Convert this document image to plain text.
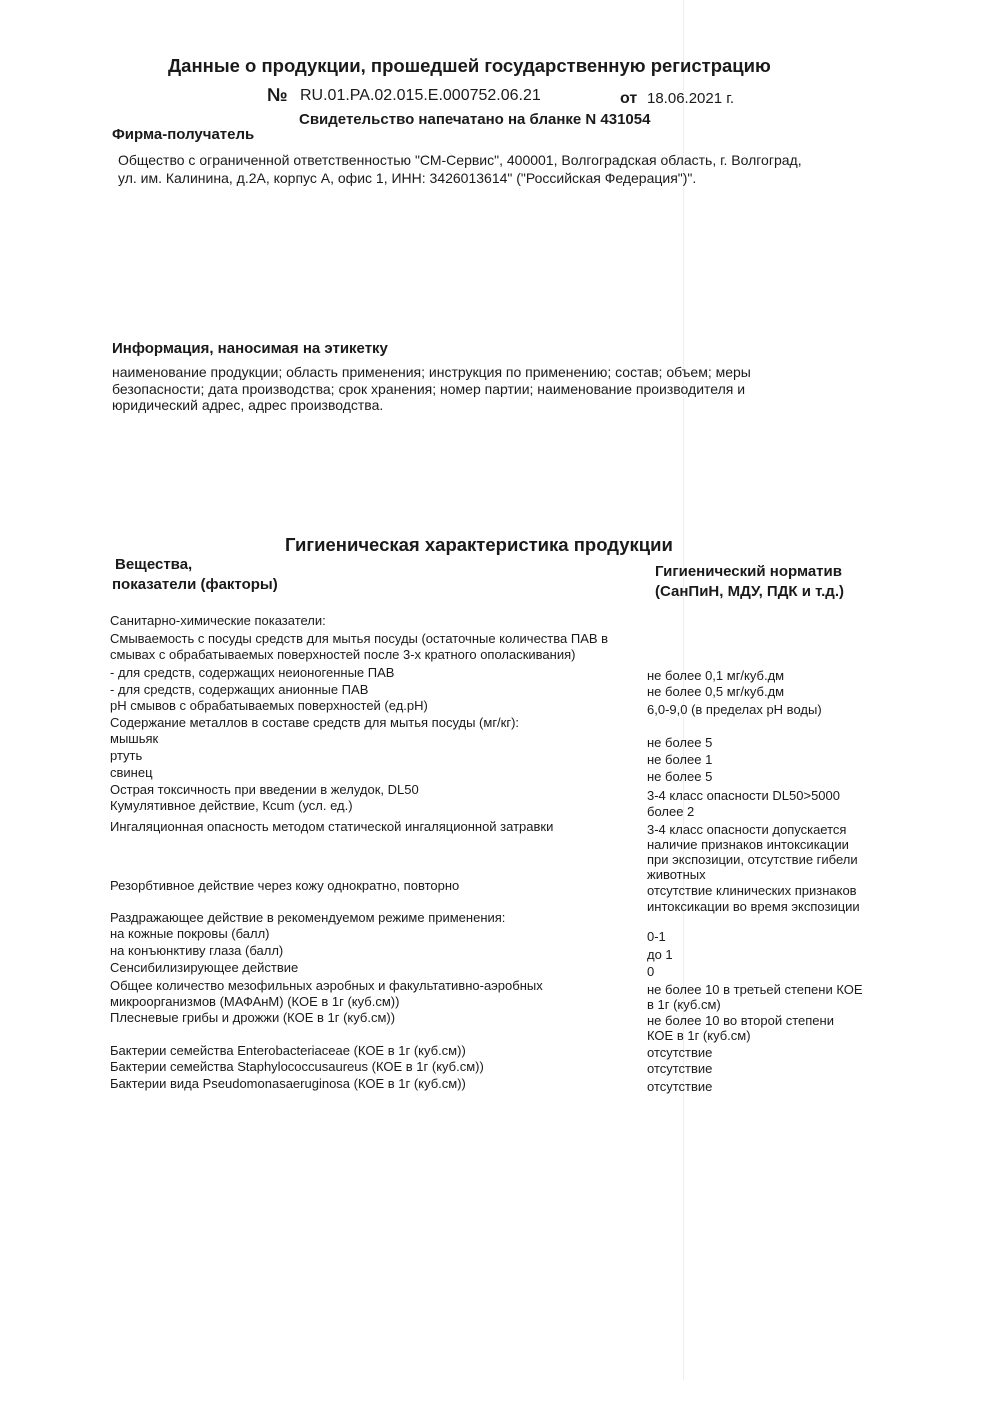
Данные о продукции, прошедшей государственную регистрацию
№ RU.01.PA.02.015.E.000752.06.21	от 18.06.2021 г.
Свидетельство напечатано на бланке N 431054
Фирма-получатель
Общество с ограниченной ответственностью "СМ-Сервис", 400001, Волгоградская область, г. Волгоград,
ул. им. Калинина, д.2А, корпус А, офис 1, ИНН: 3426013614" ("Российская Федерация")".
Информация, наносимая на этикетку
наименование продукции; область применения; инструкция по применению; состав; объем; меры
безопасности; дата производства; срок хранения; номер партии; наименование производителя и
юридический адрес, адрес производства.
Гигиеническая характеристика продукции
Вещества,
показатели (факторы)
Гигиенический норматив
(СанПиН, МДУ, ПДК и т.д.)
Санитарно-химические показатели:
Смываемость с посуды средств для мытья посуды (остаточные количества ПАВ в
смывах с обрабатываемых поверхностей после 3-х кратного ополаскивания)
- для средств, содержащих неионогенные ПАВ
- для средств, содержащих анионные ПАВ
pH смывов с обрабатываемых поверхностей (ед.pH)
Содержание металлов в составе средств для мытья посуды (мг/кг):
мышьяк
ртуть
свинец
Острая токсичность при введении в желудок, DL50
Кумулятивное действие, Кcum (усл. ед.)
Ингаляционная опасность методом статической ингаляционной затравки
Резорбтивное действие через кожу однократно, повторно
Раздражающее действие в рекомендуемом режиме применения:
на кожные покровы (балл)
на конъюнктиву глаза (балл)
Сенсибилизирующее действие
Общее количество мезофильных аэробных и факультативно-аэробных
микроорганизмов (МАФАнМ) (КОЕ в 1г (куб.см))
Плесневые грибы и дрожжи (КОЕ в 1г (куб.см))
Бактерии семейства Enterobacteriaceae (КОЕ в 1г (куб.см))
Бактерии семейства Staphylococcusaureus (КОЕ в 1г (куб.см))
Бактерии вида Pseudomonasaeruginosa (КОЕ в 1г (куб.см))
не более 0,1 мг/куб.дм
не более 0,5 мг/куб.дм
6,0-9,0 (в пределах pH воды)
не более 5
не более 1
не более 5
3-4 класс опасности DL50>5000
более 2
3-4 класс опасности допускается
наличие признаков интоксикации
при экспозиции, отсутствие гибели
животных
отсутствие клинических признаков
интоксикации во время экспозиции
0-1
до 1
0
не более 10 в третьей степени КОЕ
в 1г (куб.см)
не более 10 во второй степени
КОЕ в 1г (куб.см)
отсутствие
отсутствие
отсутствие
